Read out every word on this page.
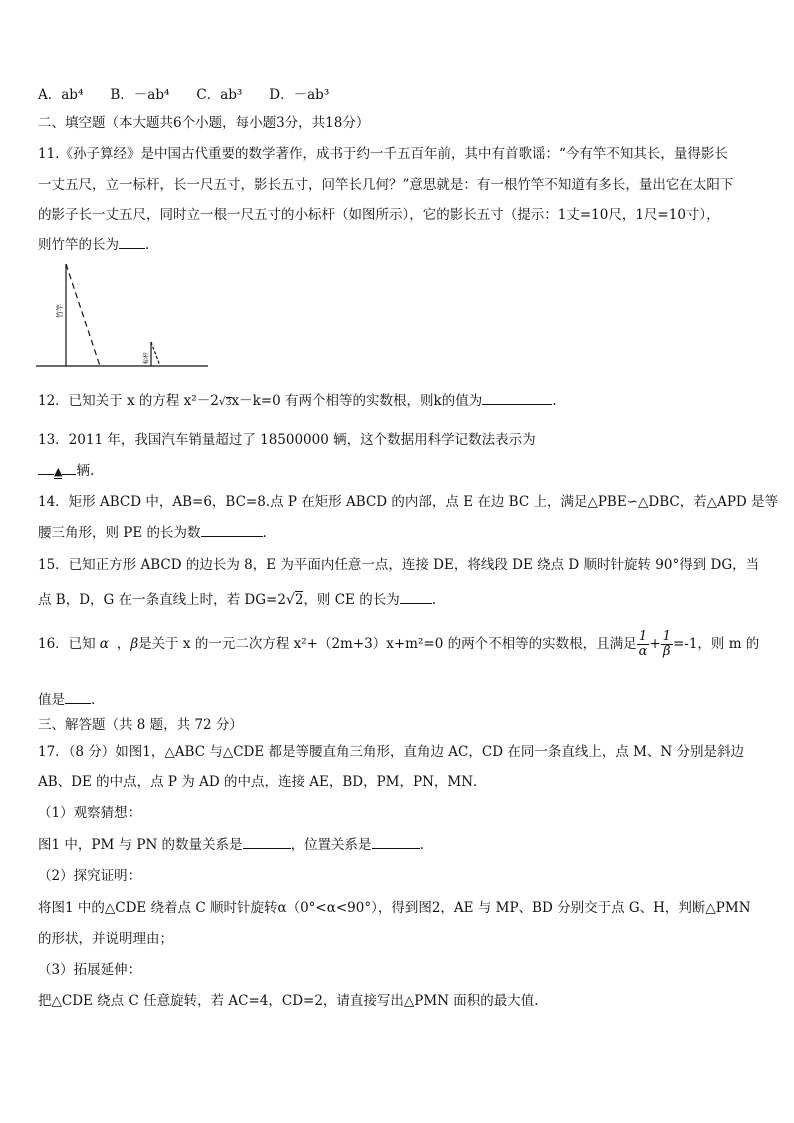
A．ab⁴　　B．－ab⁴　　C．ab³　　D．－ab³
二、填空题（本大题共6个小题，每小题3分，共18分）
11.《孙子算经》是中国古代重要的数学著作，成书于约一千五百年前，其中有首歌谣：“今有竿不知其长，量得影长
一丈五尺，立一标杆，长一尺五寸，影长五寸，问竿长几何？”意思就是：有一根竹竿不知道有多长，量出它在太阳下
的影子长一丈五尺，同时立一根一尺五寸的小标杆（如图所示），它的影长五寸（提示：1丈=10尺，1尺=10寸），
则竹竿的长为 .
竹竿
标杆
12．已知关于 x 的方程 x²－2√3x－k=0 有两个相等的实数根，则k的值为	.
13．2011 年，我国汽车销量超过了 18500000 辆，这个数据用科学记数法表示为
▲ 辆.
14．矩形 ABCD 中，AB=6，BC=8.点 P 在矩形 ABCD 的内部，点 E 在边 BC 上，满足△PBE∽△DBC，若△APD 是等
腰三角形，则 PE 的长为数	.
15．已知正方形 ABCD 的边长为 8，E 为平面内任意一点，连接 DE，将线段 DE 绕点 D 顺时针旋转 90°得到 DG，当
点 B，D，G 在一条直线上时，若 DG=2√2，则 CE 的长为 .
16．已知 α ，β是关于 x 的一元二次方程 x²+（2m+3）x+m²=0 的两个不相等的实数根，且满足 $\frac{1}{\alpha} + \frac{1}{\beta} =-1$，则 m 的
值是 .
三、解答题（共 8 题，共 72 分）
17．（8 分）如图1，△ABC 与△CDE 都是等腰直角三角形，直角边 AC，CD 在同一条直线上，点 M、N 分别是斜边
AB、DE 的中点，点 P 为 AD 的中点，连接 AE，BD，PM，PN，MN．
（1）观察猜想：
图1 中，PM 与 PN 的数量关系是	，位置关系是	.
（2）探究证明：
将图1 中的△CDE 绕着点 C 顺时针旋转α（0°<α<90°），得到图2，AE 与 MP、BD 分别交于点 G、H，判断△PMN
的形状，并说明理由；
（3）拓展延伸：
把△CDE 绕点 C 任意旋转，若 AC=4，CD=2，请直接写出△PMN 面积的最大值.
